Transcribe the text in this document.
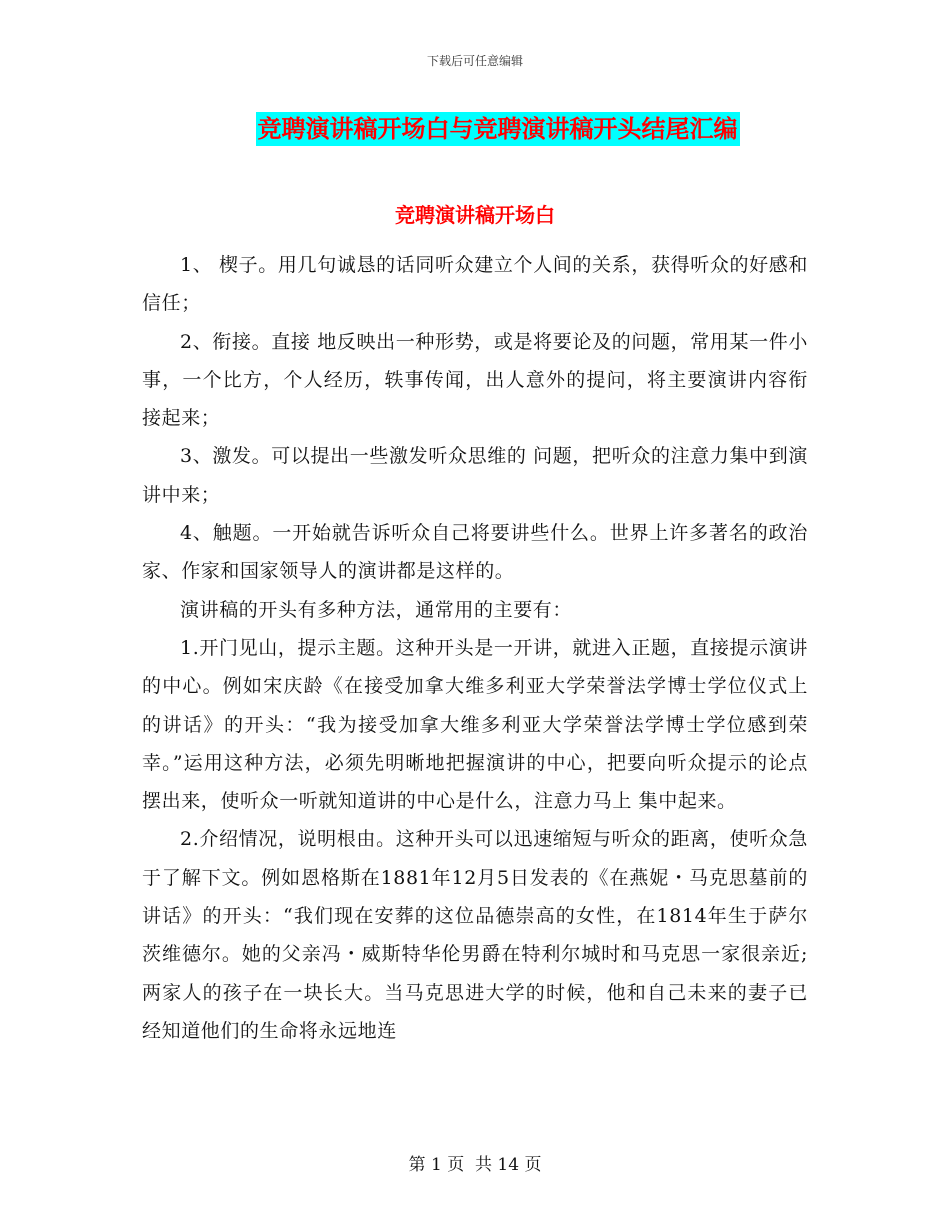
下载后可任意编辑
竞聘演讲稿开场白与竞聘演讲稿开头结尾汇编
竞聘演讲稿开场白

1、 楔子。用几句诚恳的话同听众建立个人间的关系，获得听众的好感和信任；

2、衔接。直接 地反映出一种形势，或是将要论及的问题，常用某一件小事，一个比方，个人经历，轶事传闻，出人意外的提问，将主要演讲内容衔接起来；

3、激发。可以提出一些激发听众思维的 问题，把听众的注意力集中到演讲中来；

4、触题。一开始就告诉听众自己将要讲些什么。世界上许多著名的政治家、作家和国家领导人的演讲都是这样的。

演讲稿的开头有多种方法，通常用的主要有：

1.开门见山，提示主题。这种开头是一开讲，就进入正题，直接提示演讲的中心。例如宋庆龄《在接受加拿大维多利亚大学荣誉法学博士学位仪式上的讲话》的开头：“我为接受加拿大维多利亚大学荣誉法学博士学位感到荣幸。”运用这种方法，必须先明晰地把握演讲的中心，把要向听众提示的论点摆出来，使听众一听就知道讲的中心是什么，注意力马上 集中起来。

2.介绍情况，说明根由。这种开头可以迅速缩短与听众的距离，使听众急于了解下文。例如恩格斯在1881年12月5日发表的《在燕妮・马克思墓前的讲话》的开头：“我们现在安葬的这位品德崇高的女性，在1814年生于萨尔茨维德尔。她的父亲冯・威斯特华伦男爵在特利尔城时和马克思一家很亲近;两家人的孩子在一块长大。当马克思进大学的时候，他和自己未来的妻子已经知道他们的生命将永远地连

第 1 页  共 14 页
